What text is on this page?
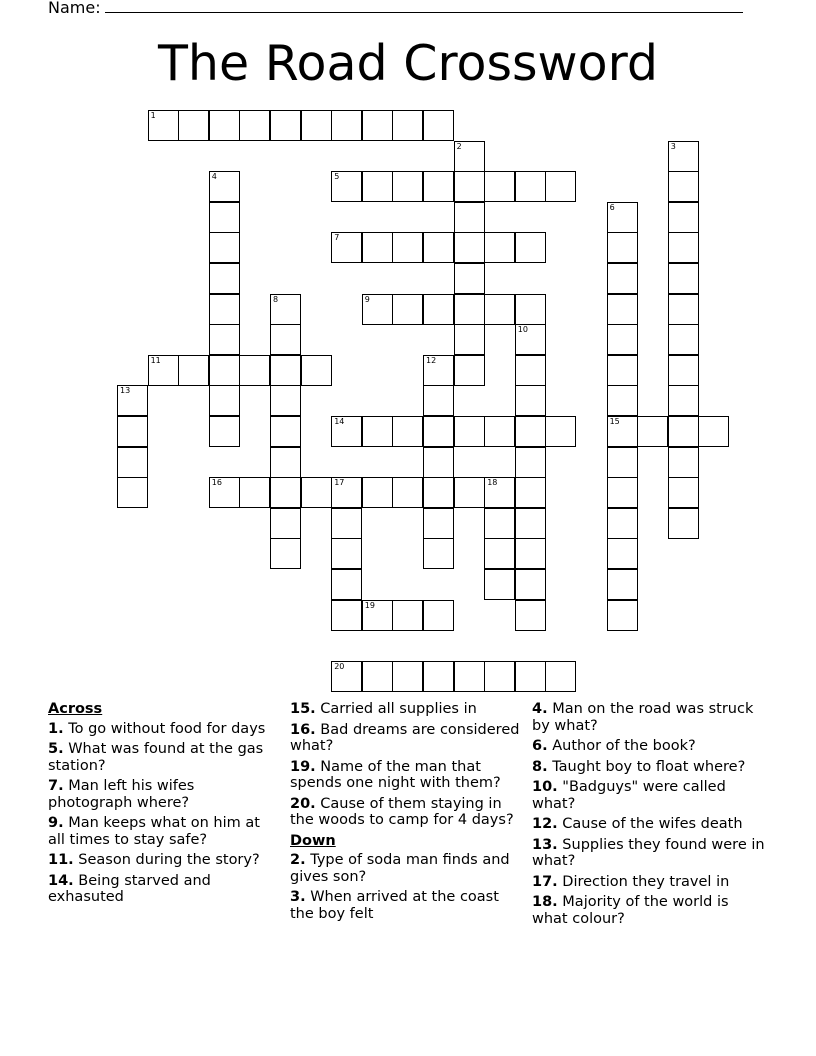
Name:
The Road Crossword
1
2	3
4	5
6
15
7
8	9
10
11	12
13
14
16	17	18
19
20
Across
1. To go without food for days
5. What was found at the gas station?
7. Man left his wifes photograph where?
9. Man keeps what on him at all times to stay safe?
11. Season during the story?
14. Being starved and exhasuted
15. Carried all supplies in
16. Bad dreams are considered what?
19. Name of the man that spends one night with them?
20. Cause of them staying in the woods to camp for 4 days?
Down
2. Type of soda man finds and gives son?
3. When arrived at the coast the boy felt
4. Man on the road was struck by what?
6. Author of the book?
8. Taught boy to float where?
10. "Badguys" were called what?
12. Cause of the wifes death
13. Supplies they found were in what?
17. Direction they travel in
18. Majority of the world is what colour?
